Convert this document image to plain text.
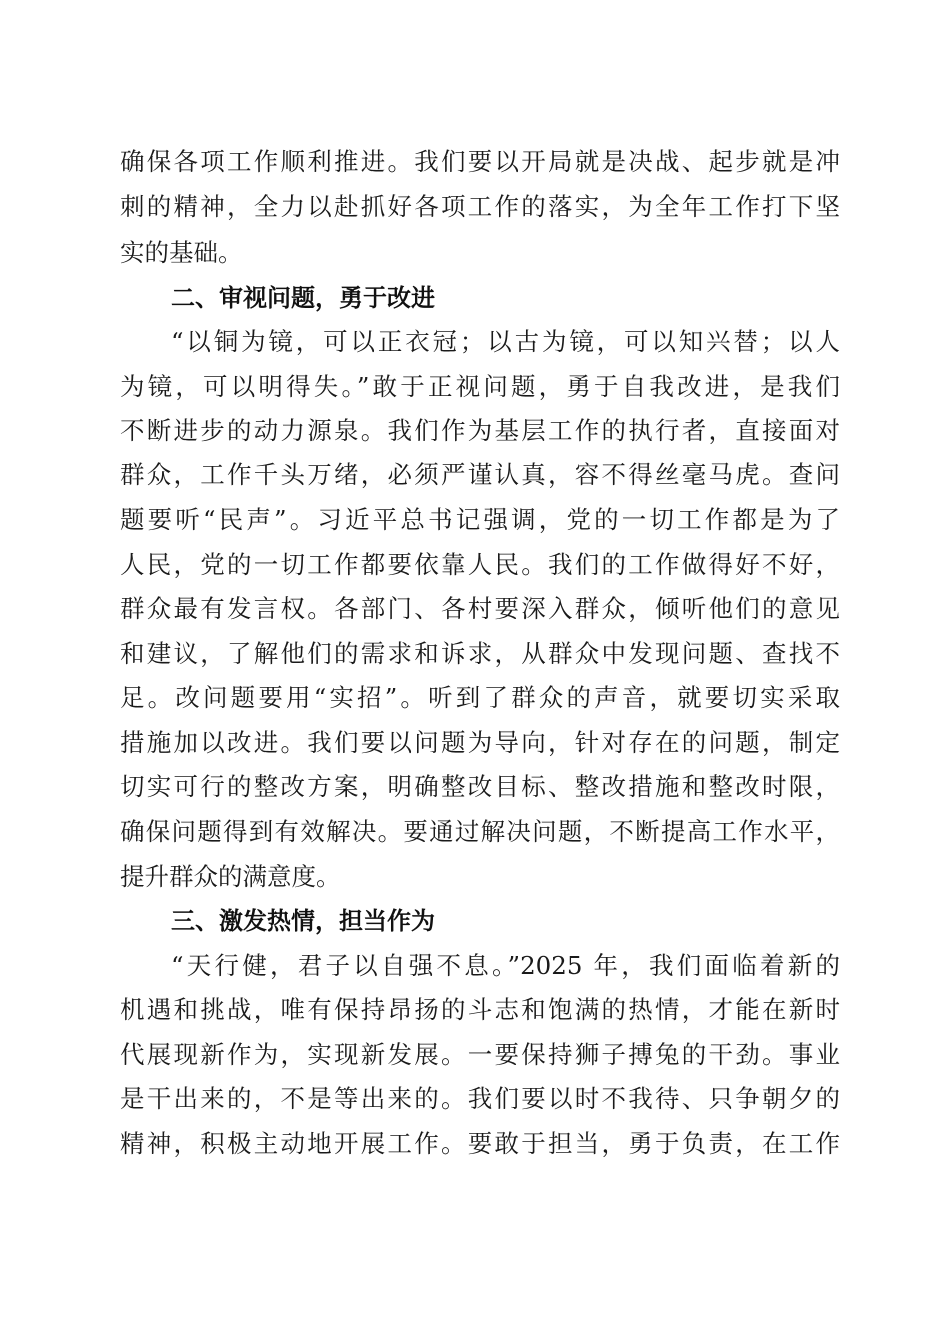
确保各项工作顺利推进。我们要以开局就是决战、起步就是冲
刺的精神，全力以赴抓好各项工作的落实，为全年工作打下坚
实的基础。
二、审视问题，勇于改进
“以铜为镜，可以正衣冠；以古为镜，可以知兴替；以人
为镜，可以明得失。”敢于正视问题，勇于自我改进，是我们
不断进步的动力源泉。我们作为基层工作的执行者，直接面对
群众，工作千头万绪，必须严谨认真，容不得丝毫马虎。查问
题要听“民声”。习近平总书记强调，党的一切工作都是为了
人民，党的一切工作都要依靠人民。我们的工作做得好不好，
群众最有发言权。各部门、各村要深入群众，倾听他们的意见
和建议，了解他们的需求和诉求，从群众中发现问题、查找不
足。改问题要用“实招”。听到了群众的声音，就要切实采取
措施加以改进。我们要以问题为导向，针对存在的问题，制定
切实可行的整改方案，明确整改目标、整改措施和整改时限，
确保问题得到有效解决。要通过解决问题，不断提高工作水平，
提升群众的满意度。
三、激发热情，担当作为
“天行健，君子以自强不息。”2025 年，我们面临着新的
机遇和挑战，唯有保持昂扬的斗志和饱满的热情，才能在新时
代展现新作为，实现新发展。一要保持狮子搏兔的干劲。事业
是干出来的，不是等出来的。我们要以时不我待、只争朝夕的
精神，积极主动地开展工作。要敢于担当，勇于负责，在工作
